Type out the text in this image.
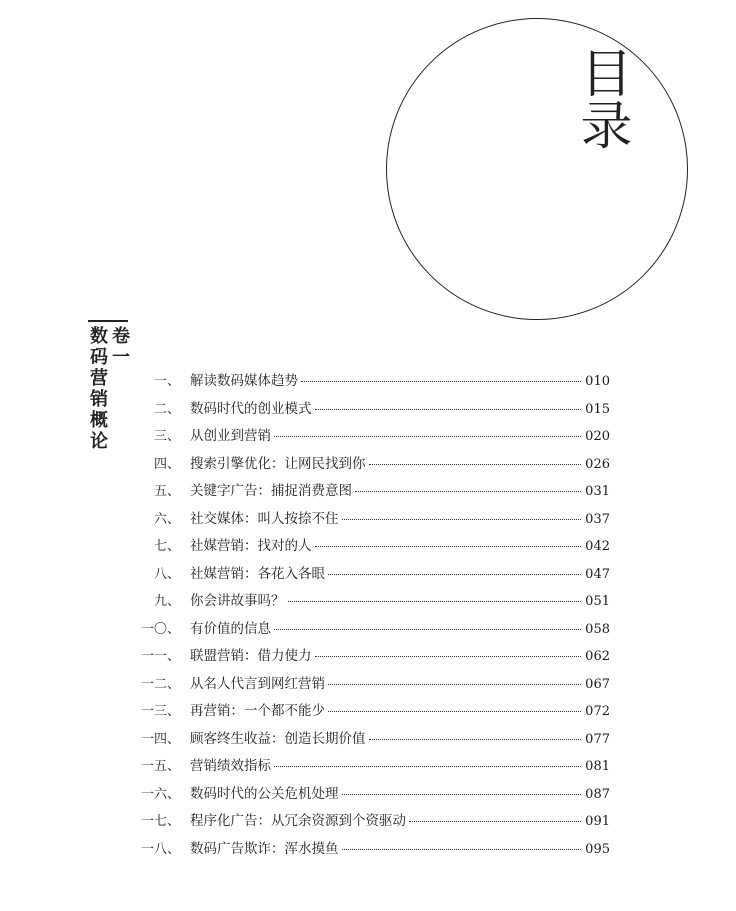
目录
卷一
数码营销概论	一、 解读数码媒体趋势	010
二、 数码时代的创业模式	015
三、 从创业到营销	020
四、 搜索引擎优化：让网民找到你	026
五、 关键字广告：捕捉消费意图	031
六、 社交媒体：叫人按捺不住	037
七、 社媒营销：找对的人	042
八、 社媒营销：各花入各眼	047
九、 你会讲故事吗？	051
一〇、 有价值的信息	058
一一、 联盟营销：借力使力	062
一二、 从名人代言到网红营销	067
一三、 再营销：一个都不能少	072
一四、 顾客终生收益：创造长期价值	077
一五、 营销绩效指标	081
一六、 数码时代的公关危机处理	087
一七、 程序化广告：从冗余资源到个资驱动	091
一八、 数码广告欺诈：浑水摸鱼	095
